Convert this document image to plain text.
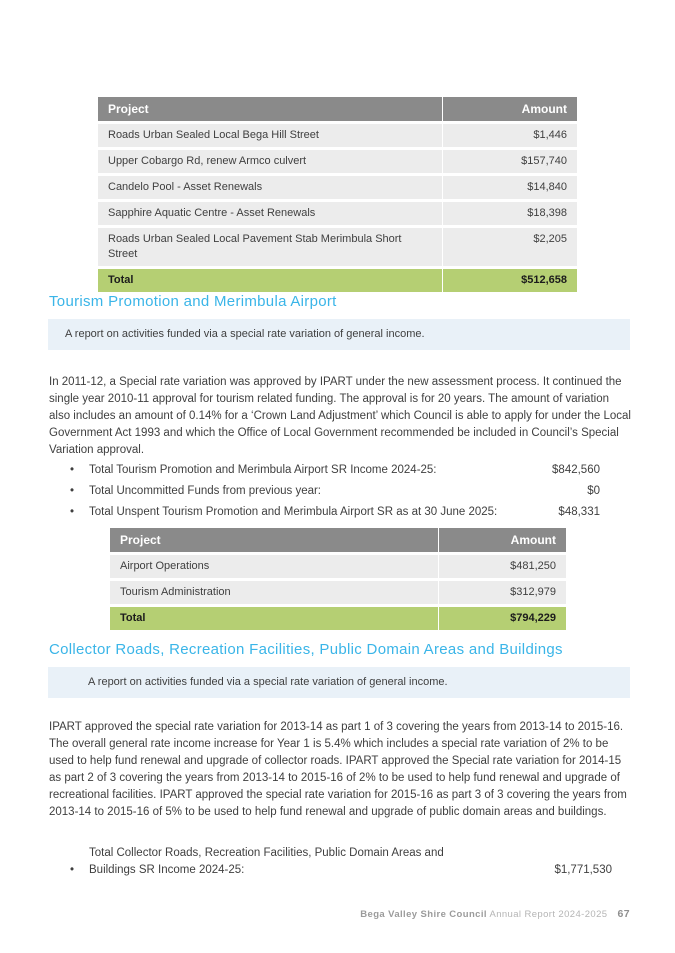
Project	Amount
Roads Urban Sealed Local Bega Hill Street	$1,446
Upper Cobargo Rd, renew Armco culvert	$157,740
Candelo Pool - Asset Renewals	$14,840
Sapphire Aquatic Centre - Asset Renewals	$18,398
Roads Urban Sealed Local Pavement Stab Merimbula Short Street	$2,205
Total	$512,658
Tourism Promotion and Merimbula Airport
A report on activities funded via a special rate variation of general income.
In 2011-12, a Special rate variation was approved by IPART under the new assessment process. It continued the single year 2010-11 approval for tourism related funding. The approval is for 20 years. The amount of variation also includes an amount of 0.14% for a ‘Crown Land Adjustment’ which Council is able to apply for under the Local Government Act 1993 and which the Office of Local Government recommended be included in Council’s Special Variation approval.
•
Total Tourism Promotion and Merimbula Airport SR Income 2024-25:	$842,560
•
Total Uncommitted Funds from previous year:	$0
•
Total Unspent Tourism Promotion and Merimbula Airport SR as at 30 June 2025:	$48,331
Project	Amount
Airport Operations	$481,250
Tourism Administration	$312,979
Total	$794,229
Collector Roads, Recreation Facilities, Public Domain Areas and Buildings
A report on activities funded via a special rate variation of general income.
IPART approved the special rate variation for 2013-14 as part 1 of 3 covering the years from 2013-14 to 2015-16. The overall general rate income increase for Year 1 is 5.4% which includes a special rate variation of 2% to be used to help fund renewal and upgrade of collector roads. IPART approved the Special rate variation for 2014-15 as part 2 of 3 covering the years from 2013-14 to 2015-16 of 2% to be used to help fund renewal and upgrade of recreational facilities. IPART approved the special rate variation for 2015-16 as part 3 of 3 covering the years from 2013-14 to 2015-16 of 5% to be used to help fund renewal and upgrade of public domain areas and buildings.
•
Total Collector Roads, Recreation Facilities, Public Domain Areas and Buildings SR Income 2024-25:	$1,771,530
Bega Valley Shire Council Annual Report 2024-2025 67
